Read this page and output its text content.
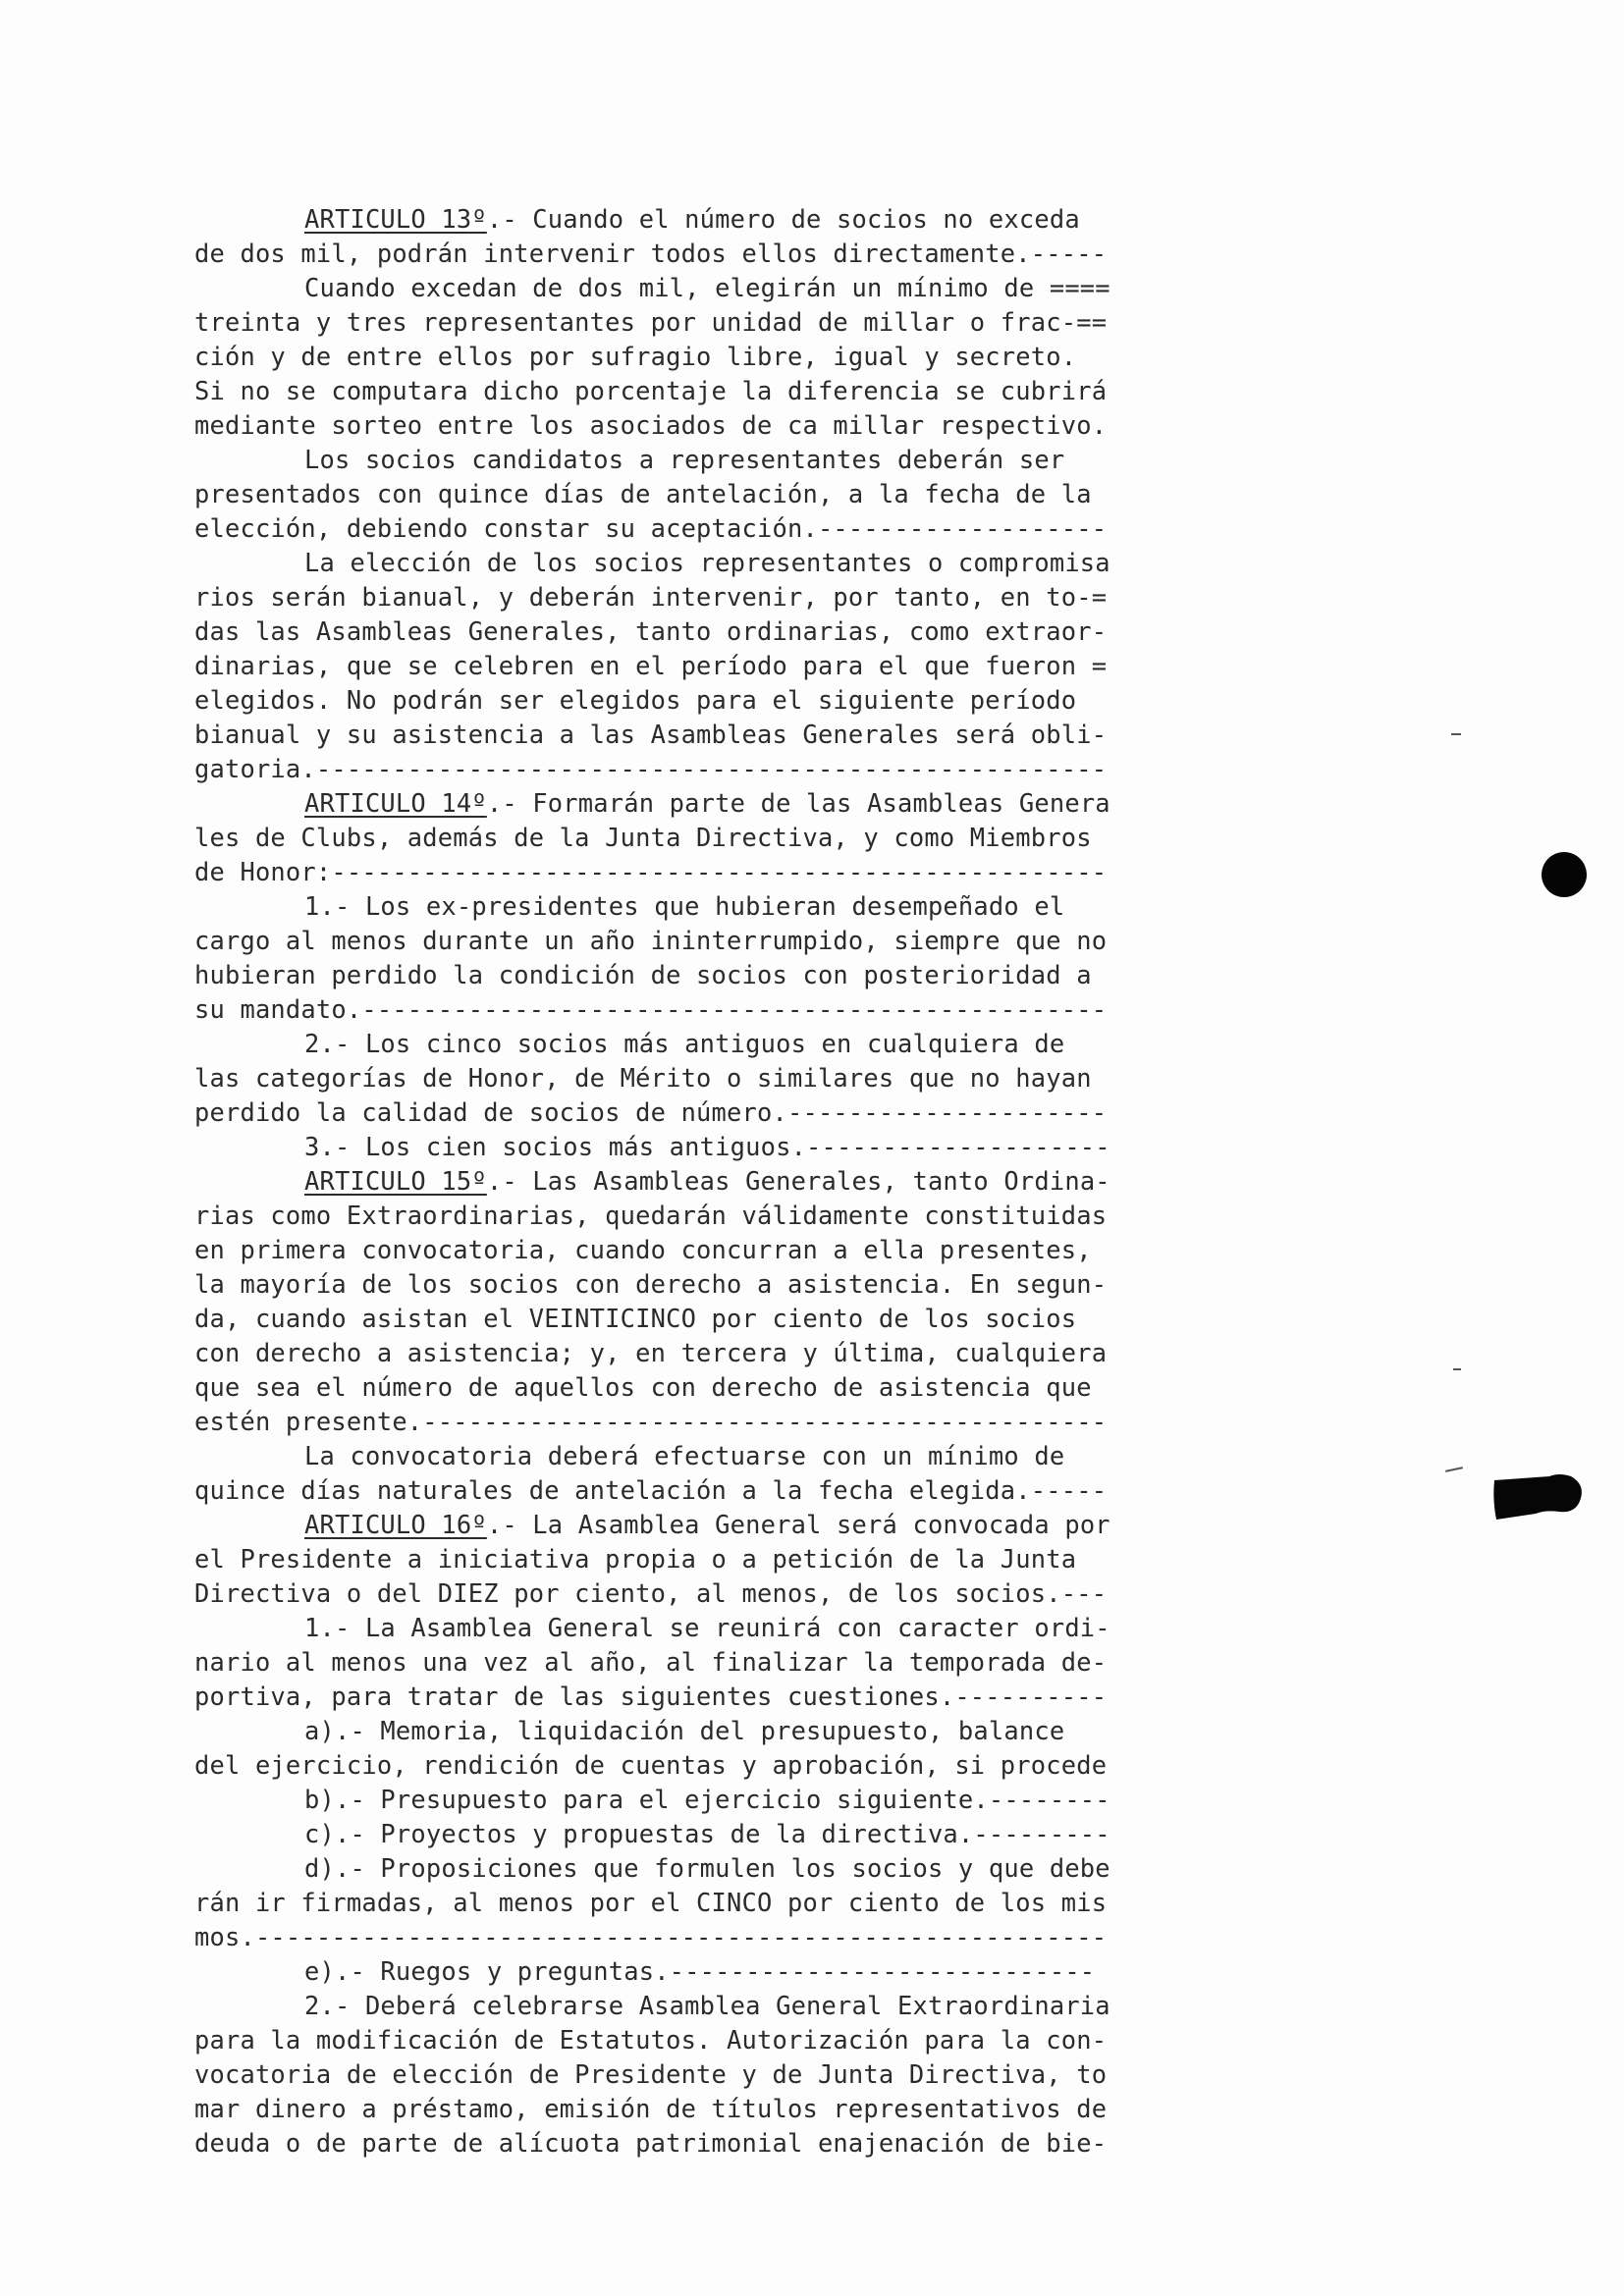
ARTICULO 13º.- Cuando el número de socios no exceda
de dos mil, podrán intervenir todos ellos directamente.-----
Cuando excedan de dos mil, elegirán un mínimo de ====
treinta y tres representantes por unidad de millar o frac-==
ción y de entre ellos por sufragio libre, igual y secreto.
Si no se computara dicho porcentaje la diferencia se cubrirá
mediante sorteo entre los asociados de ca millar respectivo.
Los socios candidatos a representantes deberán ser
presentados con quince días de antelación, a la fecha de la
elección, debiendo constar su aceptación.-------------------
La elección de los socios representantes o compromisa
rios serán bianual, y deberán intervenir, por tanto, en to-=
das las Asambleas Generales, tanto ordinarias, como extraor-
dinarias, que se celebren en el período para el que fueron =
elegidos. No podrán ser elegidos para el siguiente período
bianual y su asistencia a las Asambleas Generales será obli-
gatoria.----------------------------------------------------
ARTICULO 14º.- Formarán parte de las Asambleas Genera
les de Clubs, además de la Junta Directiva, y como Miembros
de Honor:---------------------------------------------------
1.- Los ex-presidentes que hubieran desempeñado el
cargo al menos durante un año ininterrumpido, siempre que no
hubieran perdido la condición de socios con posterioridad a
su mandato.-------------------------------------------------
2.- Los cinco socios más antiguos en cualquiera de
las categorías de Honor, de Mérito o similares que no hayan
perdido la calidad de socios de número.---------------------
3.- Los cien socios más antiguos.--------------------
ARTICULO 15º.- Las Asambleas Generales, tanto Ordina-
rias como Extraordinarias, quedarán válidamente constituidas
en primera convocatoria, cuando concurran a ella presentes,
la mayoría de los socios con derecho a asistencia. En segun-
da, cuando asistan el VEINTICINCO por ciento de los socios
con derecho a asistencia; y, en tercera y última, cualquiera
que sea el número de aquellos con derecho de asistencia que
estén presente.---------------------------------------------
La convocatoria deberá efectuarse con un mínimo de
quince días naturales de antelación a la fecha elegida.-----
ARTICULO 16º.- La Asamblea General será convocada por
el Presidente a iniciativa propia o a petición de la Junta
Directiva o del DIEZ por ciento, al menos, de los socios.---
1.- La Asamblea General se reunirá con caracter ordi-
nario al menos una vez al año, al finalizar la temporada de-
portiva, para tratar de las siguientes cuestiones.----------
a).- Memoria, liquidación del presupuesto, balance
del ejercicio, rendición de cuentas y aprobación, si procede
b).- Presupuesto para el ejercicio siguiente.--------
c).- Proyectos y propuestas de la directiva.---------
d).- Proposiciones que formulen los socios y que debe
rán ir firmadas, al menos por el CINCO por ciento de los mis
mos.--------------------------------------------------------
e).- Ruegos y preguntas.----------------------------
2.- Deberá celebrarse Asamblea General Extraordinaria
para la modificación de Estatutos. Autorización para la con-
vocatoria de elección de Presidente y de Junta Directiva, to
mar dinero a préstamo, emisión de títulos representativos de
deuda o de parte de alícuota patrimonial enajenación de bie-
